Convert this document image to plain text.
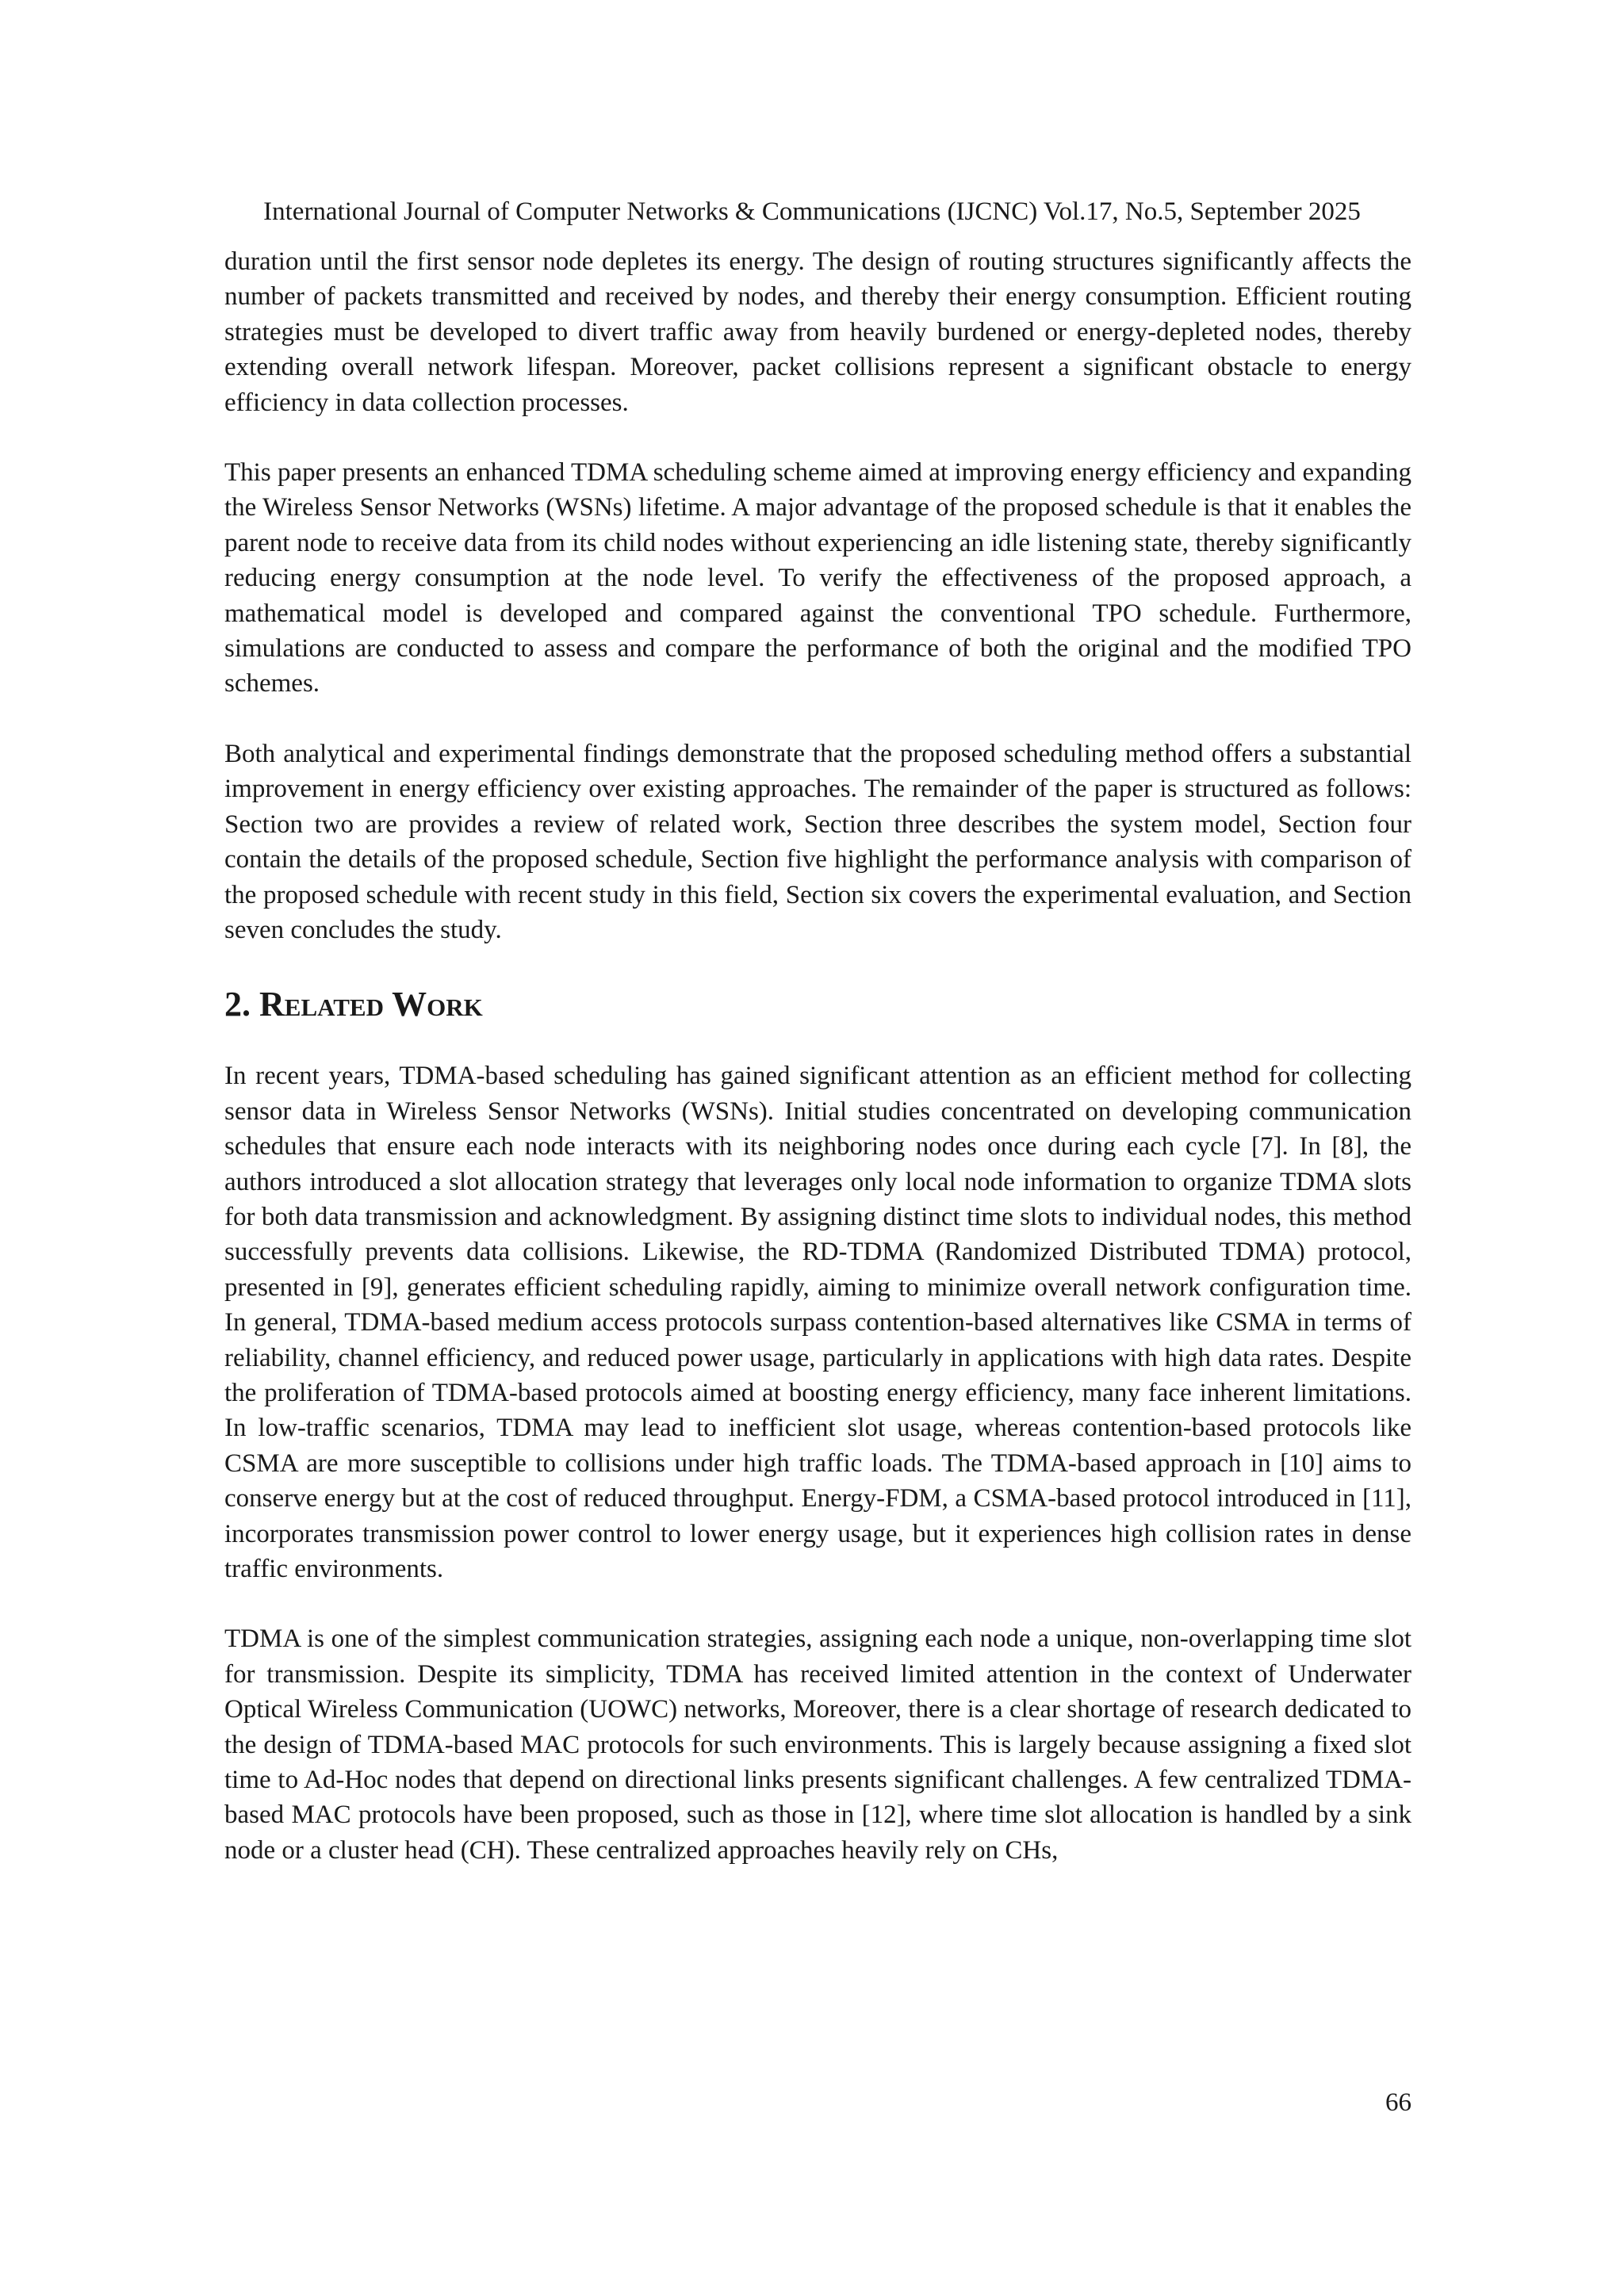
International Journal of Computer Networks & Communications (IJCNC) Vol.17, No.5, September 2025

duration until the first sensor node depletes its energy. The design of routing structures significantly affects the number of packets transmitted and received by nodes, and thereby their energy consumption. Efficient routing strategies must be developed to divert traffic away from heavily burdened or energy-depleted nodes, thereby extending overall network lifespan. Moreover, packet collisions represent a significant obstacle to energy efficiency in data collection processes.

This paper presents an enhanced TDMA scheduling scheme aimed at improving energy efficiency and expanding the Wireless Sensor Networks (WSNs) lifetime. A major advantage of the proposed schedule is that it enables the parent node to receive data from its child nodes without experiencing an idle listening state, thereby significantly reducing energy consumption at the node level. To verify the effectiveness of the proposed approach, a mathematical model is developed and compared against the conventional TPO schedule. Furthermore, simulations are conducted to assess and compare the performance of both the original and the modified TPO schemes.

Both analytical and experimental findings demonstrate that the proposed scheduling method offers a substantial improvement in energy efficiency over existing approaches. The remainder of the paper is structured as follows: Section two are provides a review of related work, Section three describes the system model, Section four contain the details of the proposed schedule, Section five highlight the performance analysis with comparison of the proposed schedule with recent study in this field, Section six covers the experimental evaluation, and Section seven concludes the study.

2. Related Work

In recent years, TDMA-based scheduling has gained significant attention as an efficient method for collecting sensor data in Wireless Sensor Networks (WSNs). Initial studies concentrated on developing communication schedules that ensure each node interacts with its neighboring nodes once during each cycle [7]. In [8], the authors introduced a slot allocation strategy that leverages only local node information to organize TDMA slots for both data transmission and acknowledgment. By assigning distinct time slots to individual nodes, this method successfully prevents data collisions. Likewise, the RD-TDMA (Randomized Distributed TDMA) protocol, presented in [9], generates efficient scheduling rapidly, aiming to minimize overall network configuration time. In general, TDMA-based medium access protocols surpass contention-based alternatives like CSMA in terms of reliability, channel efficiency, and reduced power usage, particularly in applications with high data rates. Despite the proliferation of TDMA-based protocols aimed at boosting energy efficiency, many face inherent limitations. In low-traffic scenarios, TDMA may lead to inefficient slot usage, whereas contention-based protocols like CSMA are more susceptible to collisions under high traffic loads. The TDMA-based approach in [10] aims to conserve energy but at the cost of reduced throughput. Energy-FDM, a CSMA-based protocol introduced in [11], incorporates transmission power control to lower energy usage, but it experiences high collision rates in dense traffic environments.

TDMA is one of the simplest communication strategies, assigning each node a unique, non-overlapping time slot for transmission. Despite its simplicity, TDMA has received limited attention in the context of Underwater Optical Wireless Communication (UOWC) networks, Moreover, there is a clear shortage of research dedicated to the design of TDMA-based MAC protocols for such environments. This is largely because assigning a fixed slot time to Ad-Hoc nodes that depend on directional links presents significant challenges. A few centralized TDMA-based MAC protocols have been proposed, such as those in [12], where time slot allocation is handled by a sink node or a cluster head (CH). These centralized approaches heavily rely on CHs,

66
